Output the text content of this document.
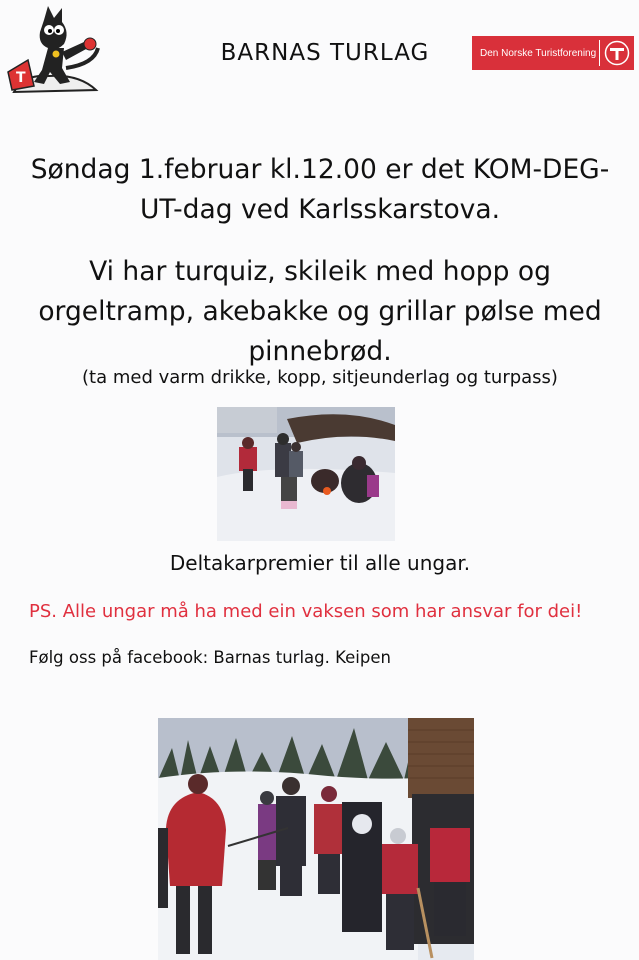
T
BARNAS TURLAG	Den Norske Turistforening
Søndag 1.februar kl.12.00 er det KOM-DEG-
UT-dag ved Karlsskarstova.
Vi har turquiz, skileik med hopp og
orgeltramp, akebakke og grillar pølse med
pinnebrød.
(ta med varm drikke, kopp, sitjeunderlag og turpass)
Deltakarpremier til alle ungar.
PS. Alle ungar må ha med ein vaksen som har ansvar for dei!
Følg oss på facebook: Barnas turlag. Keipen
